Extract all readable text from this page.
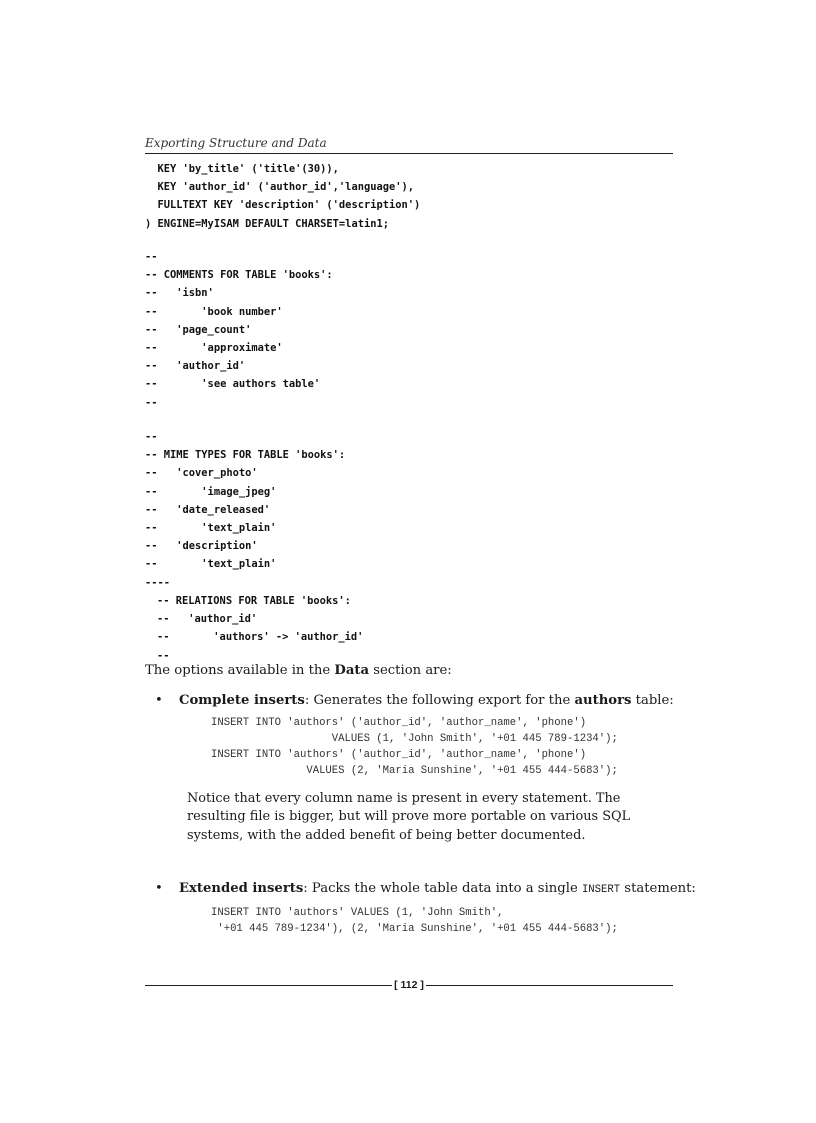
Exporting Structure and Data
KEY 'by_title' ('title'(30)),
KEY 'author_id' ('author_id','language'),
FULLTEXT KEY 'description' ('description')
) ENGINE=MyISAM DEFAULT CHARSET=latin1;
--
-- COMMENTS FOR TABLE 'books':
--   'isbn'
--       'book number'
--   'page_count'
--       'approximate'
--   'author_id'
--       'see authors table'
--
--
-- MIME TYPES FOR TABLE 'books':
--   'cover_photo'
--       'image_jpeg'
--   'date_released'
--       'text_plain'
--   'description'
--       'text_plain'
----
-- RELATIONS FOR TABLE 'books':
--   'author_id'
--       'authors' -> 'author_id'
--
The options available in the Data section are:
• Complete inserts: Generates the following export for the authors table:
INSERT INTO 'authors' ('author_id', 'author_name', 'phone')
VALUES (1, 'John Smith', '+01 445 789-1234');
INSERT INTO 'authors' ('author_id', 'author_name', 'phone')
VALUES (2, 'Maria Sunshine', '+01 455 444-5683');
Notice that every column name is present in every statement. The resulting file is bigger, but will prove more portable on various SQL systems, with the added benefit of being better documented.
• Extended inserts: Packs the whole table data into a single INSERT statement:
INSERT INTO 'authors' VALUES (1, 'John Smith',
'+01 445 789-1234'), (2, 'Maria Sunshine', '+01 455 444-5683');
[ 112 ]
